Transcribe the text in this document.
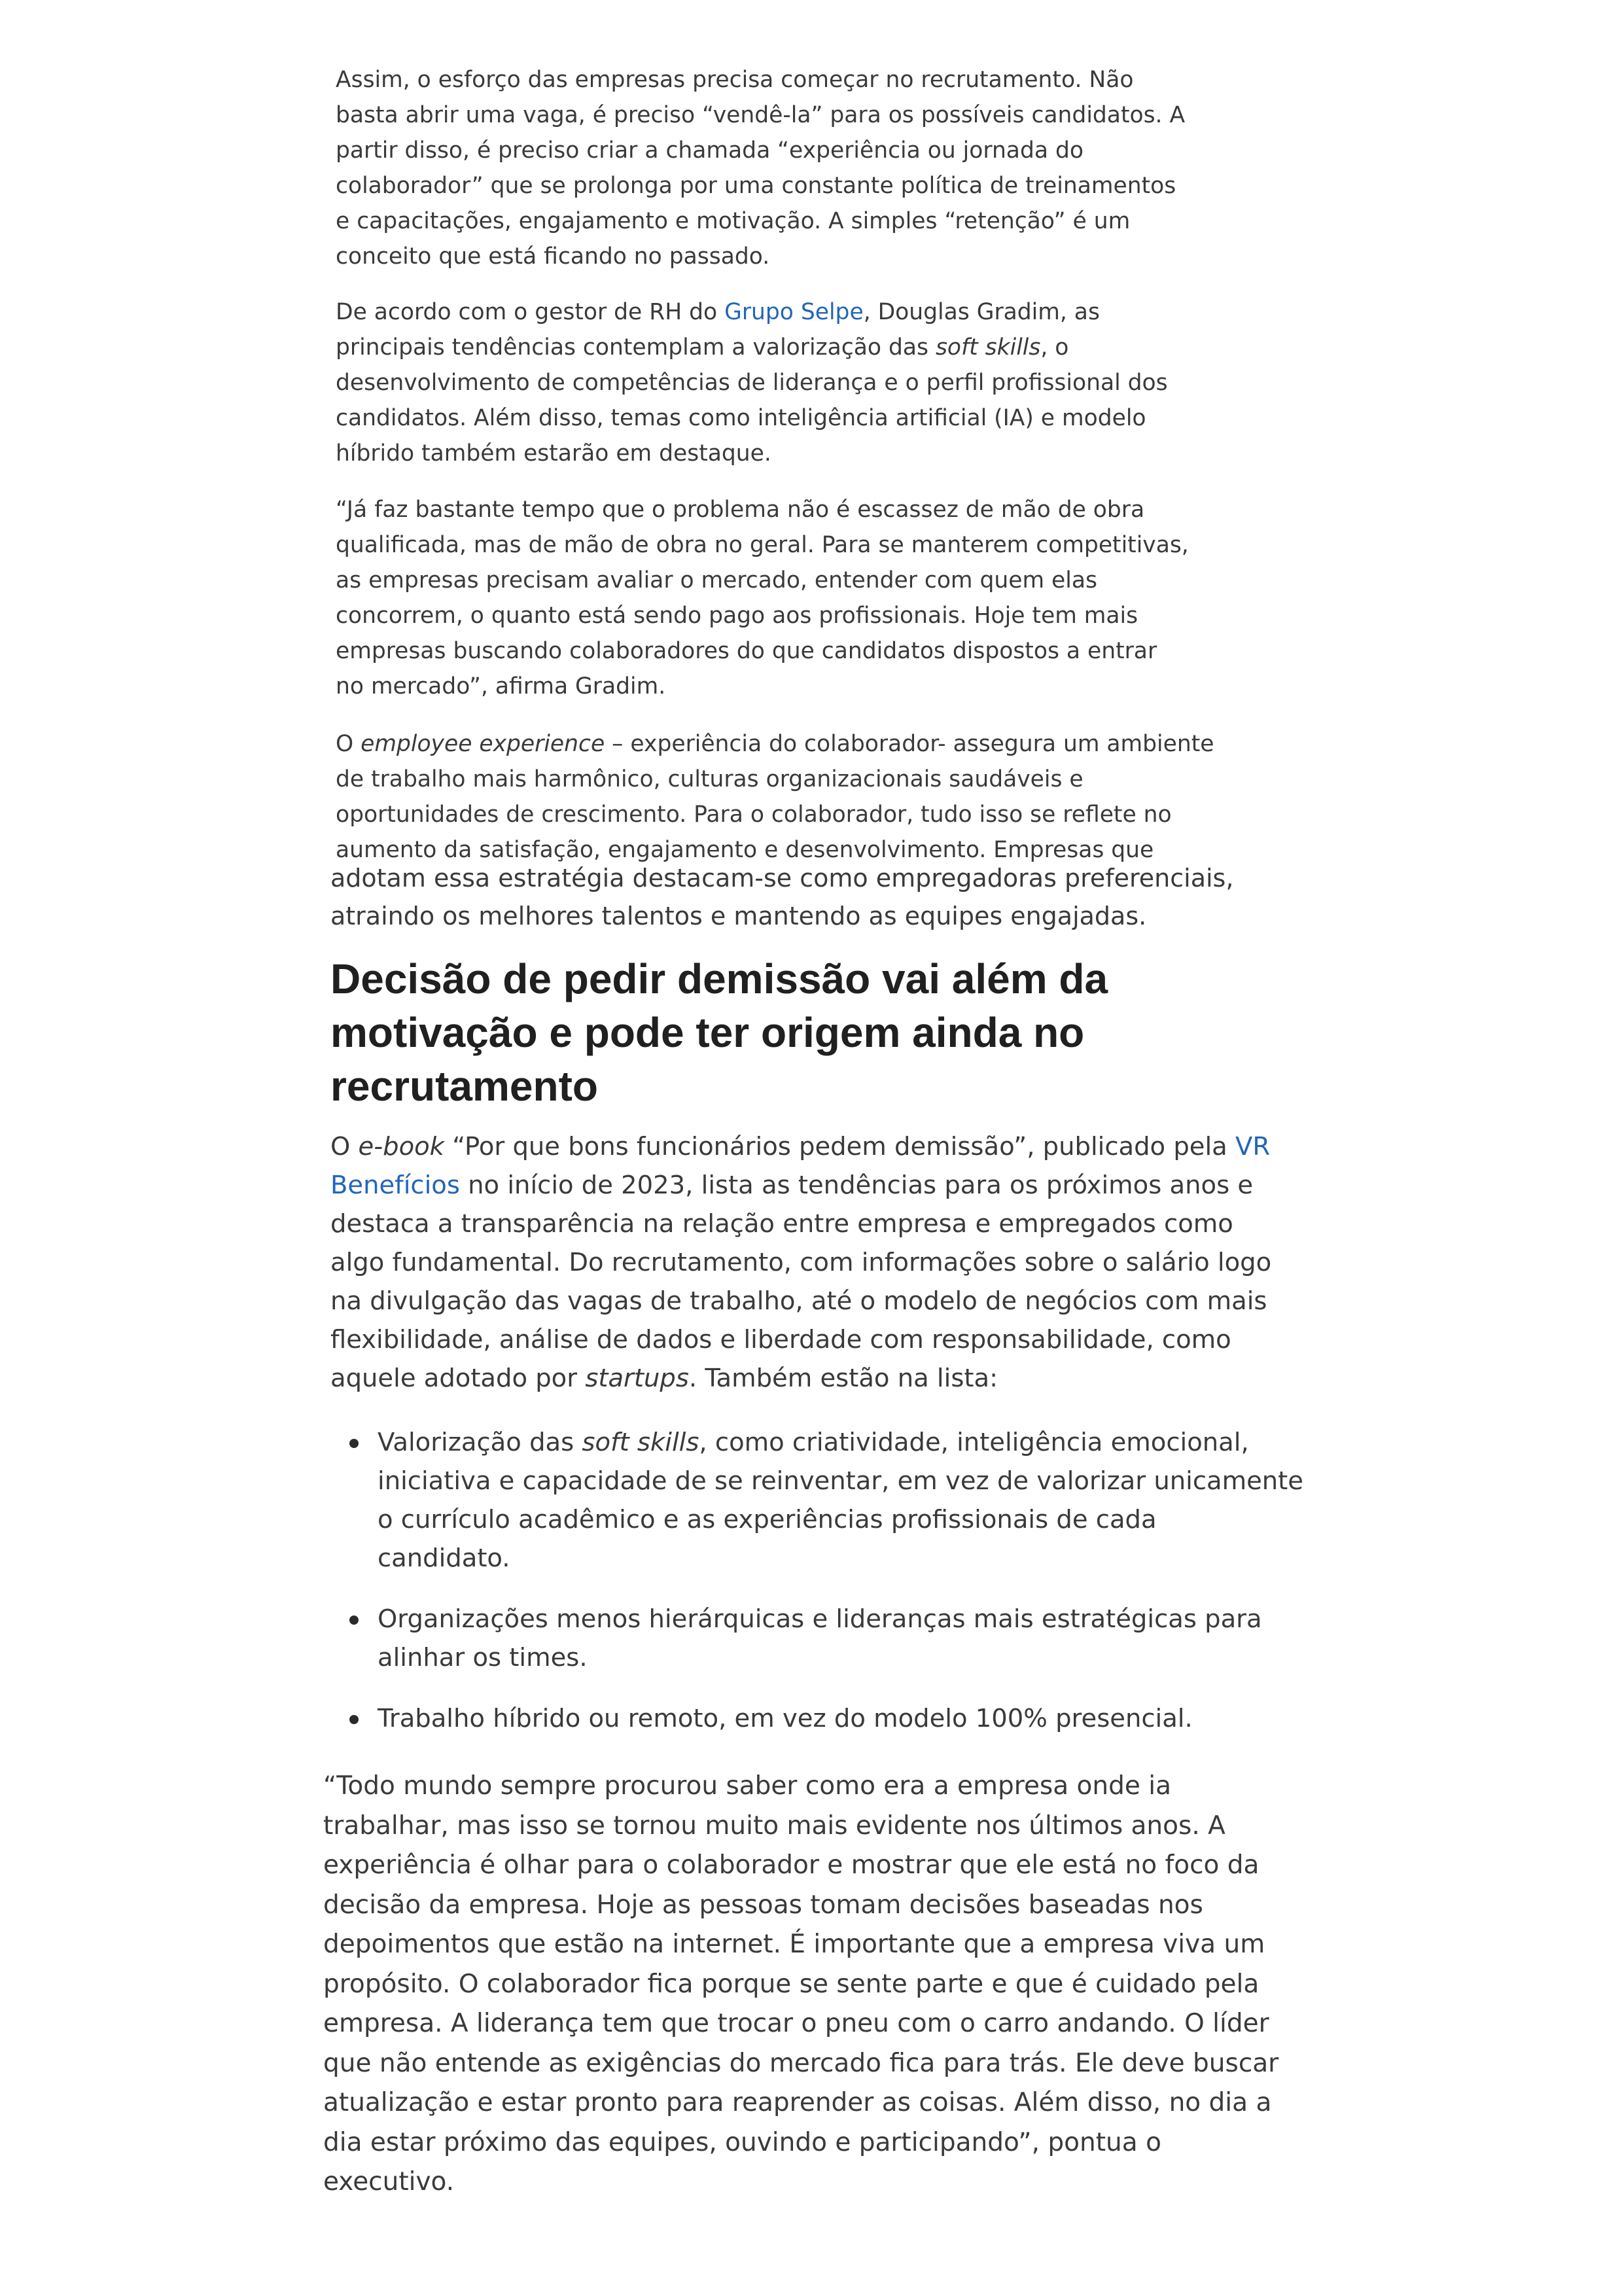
Assim, o esforço das empresas precisa começar no recrutamento. Não
basta abrir uma vaga, é preciso “vendê-la” para os possíveis candidatos. A
partir disso, é preciso criar a chamada “experiência ou jornada do
colaborador” que se prolonga por uma constante política de treinamentos
e capacitações, engajamento e motivação. A simples “retenção” é um
conceito que está ficando no passado.

De acordo com o gestor de RH do Grupo Selpe, Douglas Gradim, as
principais tendências contemplam a valorização das soft skills, o
desenvolvimento de competências de liderança e o perfil profissional dos
candidatos. Além disso, temas como inteligência artificial (IA) e modelo
híbrido também estarão em destaque.

“Já faz bastante tempo que o problema não é escassez de mão de obra
qualificada, mas de mão de obra no geral. Para se manterem competitivas,
as empresas precisam avaliar o mercado, entender com quem elas
concorrem, o quanto está sendo pago aos profissionais. Hoje tem mais
empresas buscando colaboradores do que candidatos dispostos a entrar
no mercado”, afirma Gradim.

O employee experience – experiência do colaborador- assegura um ambiente
de trabalho mais harmônico, culturas organizacionais saudáveis e
oportunidades de crescimento. Para o colaborador, tudo isso se reflete no
aumento da satisfação, engajamento e desenvolvimento. Empresas que

adotam essa estratégia destacam-se como empregadoras preferenciais,
atraindo os melhores talentos e mantendo as equipes engajadas.

Decisão de pedir demissão vai além da
motivação e pode ter origem ainda no
recrutamento

O e-book “Por que bons funcionários pedem demissão”, publicado pela VR
Benefícios no início de 2023, lista as tendências para os próximos anos e
destaca a transparência na relação entre empresa e empregados como
algo fundamental. Do recrutamento, com informações sobre o salário logo
na divulgação das vagas de trabalho, até o modelo de negócios com mais
flexibilidade, análise de dados e liberdade com responsabilidade, como
aquele adotado por startups. Também estão na lista:

Valorização das soft skills, como criatividade, inteligência emocional,
iniciativa e capacidade de se reinventar, em vez de valorizar unicamente
o currículo acadêmico e as experiências profissionais de cada
candidato.
Organizações menos hierárquicas e lideranças mais estratégicas para
alinhar os times.
Trabalho híbrido ou remoto, em vez do modelo 100% presencial.

“Todo mundo sempre procurou saber como era a empresa onde ia
trabalhar, mas isso se tornou muito mais evidente nos últimos anos. A
experiência é olhar para o colaborador e mostrar que ele está no foco da
decisão da empresa. Hoje as pessoas tomam decisões baseadas nos
depoimentos que estão na internet. É importante que a empresa viva um
propósito. O colaborador fica porque se sente parte e que é cuidado pela
empresa. A liderança tem que trocar o pneu com o carro andando. O líder
que não entende as exigências do mercado fica para trás. Ele deve buscar
atualização e estar pronto para reaprender as coisas. Além disso, no dia a
dia estar próximo das equipes, ouvindo e participando”, pontua o
executivo.
